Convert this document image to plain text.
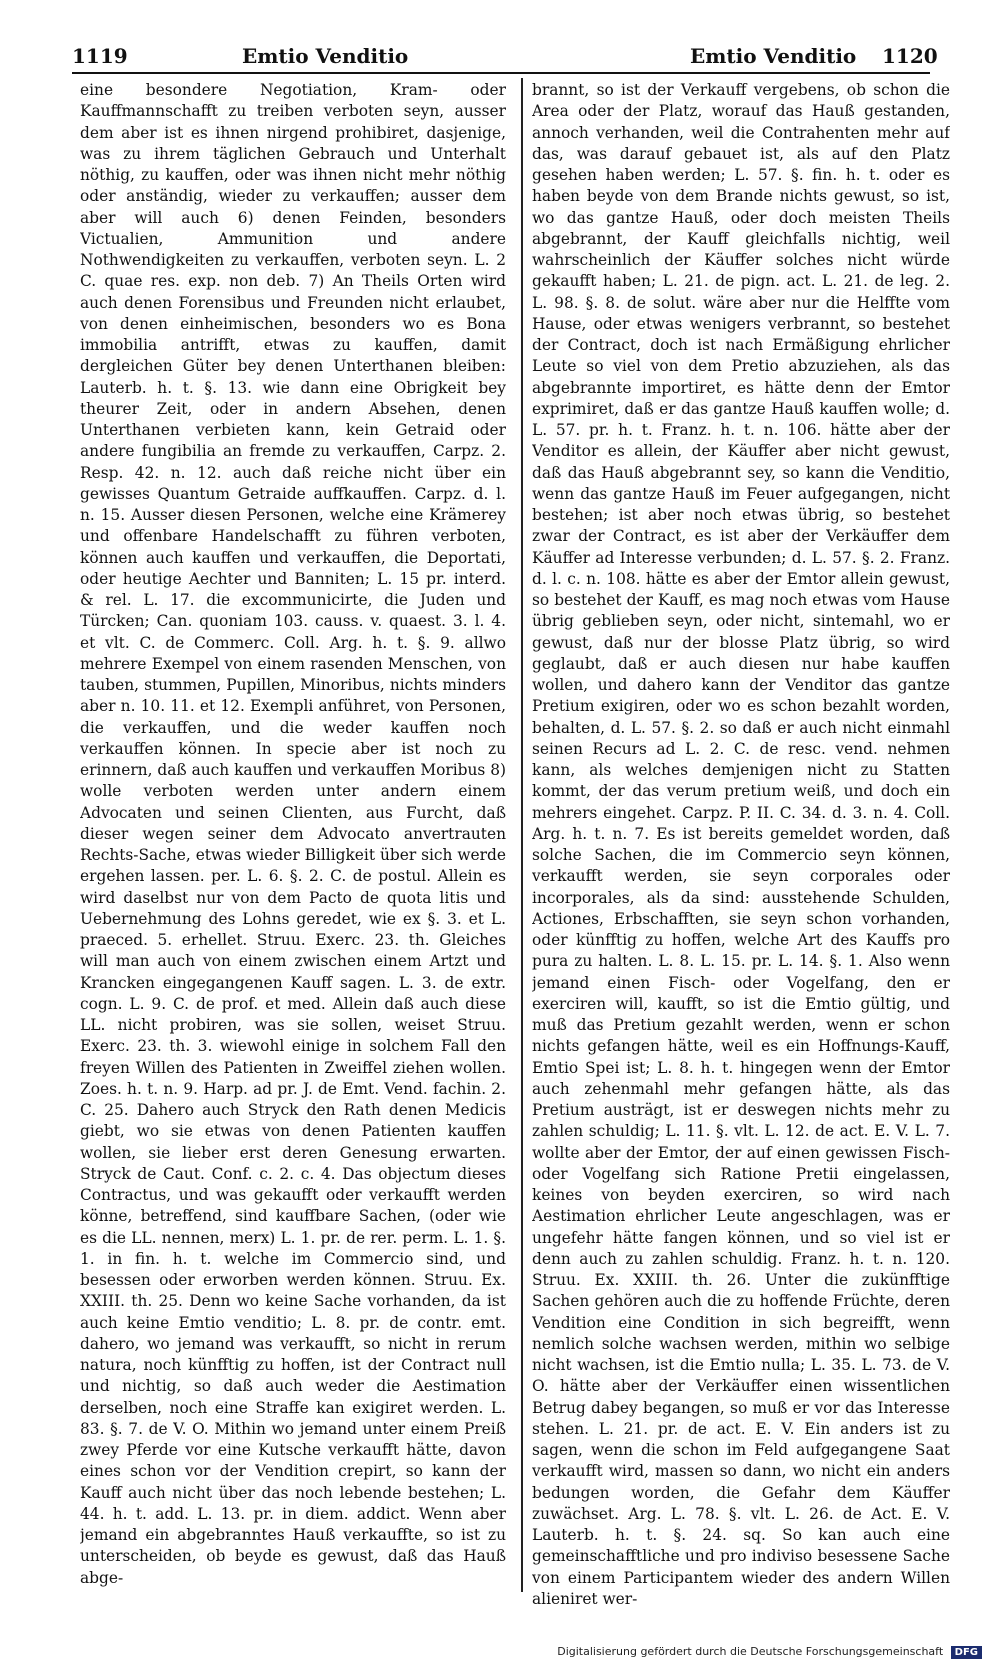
1119	Emtio Venditio	Emtio Venditio 1120

eine besondere Negotiation, Kram- oder Kauffmannschafft zu treiben verboten seyn, ausser dem aber ist es ihnen nirgend prohibiret, dasjenige, was zu ihrem täglichen Gebrauch und Unterhalt nöthig, zu kauffen, oder was ihnen nicht mehr nöthig oder anständig, wieder zu verkauffen; ausser dem aber will auch 6) denen Feinden, besonders Victualien, Ammunition und andere Nothwendigkeiten zu verkauffen, verboten seyn. L. 2 C. quae res. exp. non deb. 7) An Theils Orten wird auch denen Forensibus und Freunden nicht erlaubet, von denen einheimischen, besonders wo es Bona immobilia antrifft, etwas zu kauffen, damit dergleichen Güter bey denen Unterthanen bleiben: Lauterb. h. t. §. 13. wie dann eine Obrigkeit bey theurer Zeit, oder in andern Absehen, denen Unterthanen verbieten kann, kein Getraid oder andere fungibilia an fremde zu verkauffen, Carpz. 2. Resp. 42. n. 12. auch daß reiche nicht über ein gewisses Quantum Getraide auffkauffen. Carpz. d. l. n. 15. Ausser diesen Personen, welche eine Krämerey und offenbare Handelschafft zu führen verboten, können auch kauffen und verkauffen, die Deportati, oder heutige Aechter und Banniten; L. 15 pr. interd. & rel. L. 17. die excommunicirte, die Juden und Türcken; Can. quoniam 103. causs. v. quaest. 3. l. 4. et vlt. C. de Commerc. Coll. Arg. h. t. §. 9. allwo mehrere Exempel von einem rasenden Menschen, von tauben, stummen, Pupillen, Minoribus, nichts minders aber n. 10. 11. et 12. Exempli anführet, von Personen, die verkauffen, und die weder kauffen noch verkauffen können. In specie aber ist noch zu erinnern, daß auch kauffen und verkauffen Moribus 8) wolle verboten werden unter andern einem Advocaten und seinen Clienten, aus Furcht, daß dieser wegen seiner dem Advocato anvertrauten Rechts-Sache, etwas wieder Billigkeit über sich werde ergehen lassen. per. L. 6. §. 2. C. de postul. Allein es wird daselbst nur von dem Pacto de quota litis und Uebernehmung des Lohns geredet, wie ex §. 3. et L. praeced. 5. erhellet. Struu. Exerc. 23. th. Gleiches will man auch von einem zwischen einem Artzt und Krancken eingegangenen Kauff sagen. L. 3. de extr. cogn. L. 9. C. de prof. et med. Allein daß auch diese LL. nicht probiren, was sie sollen, weiset Struu. Exerc. 23. th. 3. wiewohl einige in solchem Fall den freyen Willen des Patienten in Zweiffel ziehen wollen. Zoes. h. t. n. 9. Harp. ad pr. J. de Emt. Vend. fachin. 2. C. 25. Dahero auch Stryck den Rath denen Medicis giebt, wo sie etwas von denen Patienten kauffen wollen, sie lieber erst deren Genesung erwarten. Stryck de Caut. Conf. c. 2. c. 4. Das objectum dieses Contractus, und was gekaufft oder verkaufft werden könne, betreffend, sind kauffbare Sachen, (oder wie es die LL. nennen, merx) L. 1. pr. de rer. perm. L. 1. §. 1. in fin. h. t. welche im Commercio sind, und besessen oder erworben werden können. Struu. Ex. XXIII. th. 25. Denn wo keine Sache vorhanden, da ist auch keine Emtio venditio; L. 8. pr. de contr. emt. dahero, wo jemand was verkaufft, so nicht in rerum natura, noch künfftig zu hoffen, ist der Contract null und nichtig, so daß auch weder die Aestimation derselben, noch eine Straffe kan exigiret werden. L. 83. §. 7. de V. O. Mithin wo jemand unter einem Preiß zwey Pferde vor eine Kutsche verkaufft hätte, davon eines schon vor der Vendition crepirt, so kann der Kauff auch nicht über das noch lebende bestehen; L. 44. h. t. add. L. 13. pr. in diem. addict. Wenn aber jemand ein abgebranntes Hauß verkauffte, so ist zu unterscheiden, ob beyde es gewust, daß das Hauß abge-

brannt, so ist der Verkauff vergebens, ob schon die Area oder der Platz, worauf das Hauß gestanden, annoch verhanden, weil die Contrahenten mehr auf das, was darauf gebauet ist, als auf den Platz gesehen haben werden; L. 57. §. fin. h. t. oder es haben beyde von dem Brande nichts gewust, so ist, wo das gantze Hauß, oder doch meisten Theils abgebrannt, der Kauff gleichfalls nichtig, weil wahrscheinlich der Käuffer solches nicht würde gekaufft haben; L. 21. de pign. act. L. 21. de leg. 2. L. 98. §. 8. de solut. wäre aber nur die Helffte vom Hause, oder etwas wenigers verbrannt, so bestehet der Contract, doch ist nach Ermäßigung ehrlicher Leute so viel von dem Pretio abzuziehen, als das abgebrannte importiret, es hätte denn der Emtor exprimiret, daß er das gantze Hauß kauffen wolle; d. L. 57. pr. h. t. Franz. h. t. n. 106. hätte aber der Venditor es allein, der Käuffer aber nicht gewust, daß das Hauß abgebrannt sey, so kann die Venditio, wenn das gantze Hauß im Feuer aufgegangen, nicht bestehen; ist aber noch etwas übrig, so bestehet zwar der Contract, es ist aber der Verkäuffer dem Käuffer ad Interesse verbunden; d. L. 57. §. 2. Franz. d. l. c. n. 108. hätte es aber der Emtor allein gewust, so bestehet der Kauff, es mag noch etwas vom Hause übrig geblieben seyn, oder nicht, sintemahl, wo er gewust, daß nur der blosse Platz übrig, so wird geglaubt, daß er auch diesen nur habe kauffen wollen, und dahero kann der Venditor das gantze Pretium exigiren, oder wo es schon bezahlt worden, behalten, d. L. 57. §. 2. so daß er auch nicht einmahl seinen Recurs ad L. 2. C. de resc. vend. nehmen kann, als welches demjenigen nicht zu Statten kommt, der das verum pretium weiß, und doch ein mehrers eingehet. Carpz. P. II. C. 34. d. 3. n. 4. Coll. Arg. h. t. n. 7. Es ist bereits gemeldet worden, daß solche Sachen, die im Commercio seyn können, verkaufft werden, sie seyn corporales oder incorporales, als da sind: ausstehende Schulden, Actiones, Erbschafften, sie seyn schon vorhanden, oder künfftig zu hoffen, welche Art des Kauffs pro pura zu halten. L. 8. L. 15. pr. L. 14. §. 1. Also wenn jemand einen Fisch- oder Vogelfang, den er exerciren will, kaufft, so ist die Emtio gültig, und muß das Pretium gezahlt werden, wenn er schon nichts gefangen hätte, weil es ein Hoffnungs-Kauff, Emtio Spei ist; L. 8. h. t. hingegen wenn der Emtor auch zehenmahl mehr gefangen hätte, als das Pretium austrägt, ist er deswegen nichts mehr zu zahlen schuldig; L. 11. §. vlt. L. 12. de act. E. V. L. 7. wollte aber der Emtor, der auf einen gewissen Fisch- oder Vogelfang sich Ratione Pretii eingelassen, keines von beyden exerciren, so wird nach Aestimation ehrlicher Leute angeschlagen, was er ungefehr hätte fangen können, und so viel ist er denn auch zu zahlen schuldig. Franz. h. t. n. 120. Struu. Ex. XXIII. th. 26. Unter die zukünfftige Sachen gehören auch die zu hoffende Früchte, deren Vendition eine Condition in sich begreifft, wenn nemlich solche wachsen werden, mithin wo selbige nicht wachsen, ist die Emtio nulla; L. 35. L. 73. de V. O. hätte aber der Verkäuffer einen wissentlichen Betrug dabey begangen, so muß er vor das Interesse stehen. L. 21. pr. de act. E. V. Ein anders ist zu sagen, wenn die schon im Feld aufgegangene Saat verkaufft wird, massen so dann, wo nicht ein anders bedungen worden, die Gefahr dem Käuffer zuwächset. Arg. L. 78. §. vlt. L. 26. de Act. E. V. Lauterb. h. t. §. 24. sq. So kan auch eine gemeinschafftliche und pro indiviso besessene Sache von einem Participantem wieder des andern Willen alieniret wer-

Digitalisierung gefördert durch die Deutsche Forschungsgemeinschaft DFG
